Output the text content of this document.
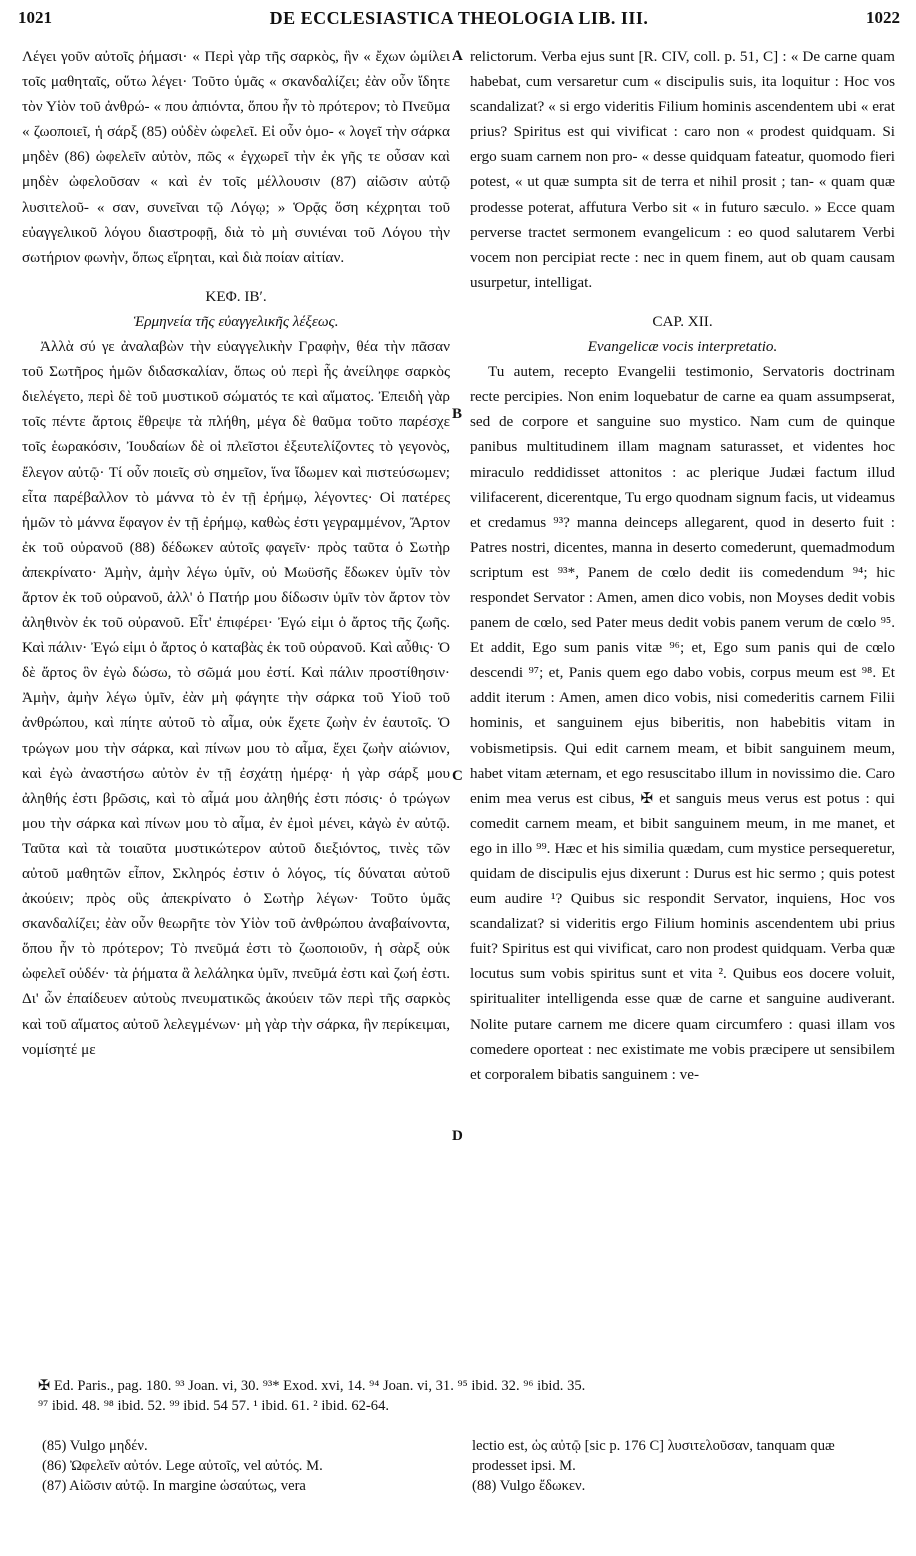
1021	DE ECCLESIASTICA THEOLOGIA LIB. III.	1022

Λέγει γοῦν αὐτοῖς ῥήμασι· « Περὶ γὰρ τῆς σαρκὸς, ἣν « ἔχων ὡμίλει τοῖς μαθηταῖς, οὕτω λέγει· Τοῦτο ὑμᾶς « σκανδαλίζει; ἐὰν οὖν ἴδητε τὸν Υἱὸν τοῦ ἀνθρώ- « που ἀπιόντα, ὅπου ἦν τὸ πρότερον; τὸ Πνεῦμα « ζωοποιεῖ, ἡ σάρξ (85) οὐδὲν ὠφελεῖ. Εἰ οὖν ὁμο- « λογεῖ τὴν σάρκα μηδὲν (86) ὠφελεῖν αὐτὸν, πῶς « ἐγχωρεῖ τὴν ἐκ γῆς τε οὖσαν καὶ μηδὲν ὠφελοῦσαν « καὶ ἐν τοῖς μέλλουσιν (87) αἰῶσιν αὐτῷ λυσιτελοῦ- « σαν, συνεῖναι τῷ Λόγῳ; » Ὁρᾷς ὅση κέχρηται τοῦ εὐαγγελικοῦ λόγου διαστροφῇ, διὰ τὸ μὴ συνιέναι τοῦ Λόγου τὴν σωτήριον φωνὴν, ὅπως εἴρηται, καὶ διὰ ποίαν αἰτίαν.

ΚΕΦ. ΙΒʹ.

Ἑρμηνεία τῆς εὐαγγελικῆς λέξεως.

Ἀλλὰ σύ γε ἀναλαβὼν τὴν εὐαγγελικὴν Γραφὴν, θέα τὴν πᾶσαν τοῦ Σωτῆρος ἡμῶν διδασκαλίαν, ὅπως οὐ περὶ ἧς ἀνείληφε σαρκὸς διελέγετο, περὶ δὲ τοῦ μυστικοῦ σώματός τε καὶ αἵματος. Ἐπειδὴ γὰρ τοῖς πέντε ἄρτοις ἔθρεψε τὰ πλήθη, μέγα δὲ θαῦμα τοῦτο παρέσχε τοῖς ἑωρακόσιν, Ἰουδαίων δὲ οἱ πλεῖστοι ἐξευτελίζοντες τὸ γεγονὸς, ἔλεγον αὐτῷ· Τί οὖν ποιεῖς σὺ σημεῖον, ἵνα ἴδωμεν καὶ πιστεύσωμεν; εἶτα παρέβαλλον τὸ μάννα τὸ ἐν τῇ ἐρήμῳ, λέγοντες· Οἱ πατέρες ἡμῶν τὸ μάννα ἔφαγον ἐν τῇ ἐρήμῳ, καθὼς ἐστι γεγραμμένον, Ἄρτον ἐκ τοῦ οὐρανοῦ (88) δέδωκεν αὐτοῖς φαγεῖν· πρὸς ταῦτα ὁ Σωτὴρ ἀπεκρίνατο· Ἀμὴν, ἀμὴν λέγω ὑμῖν, οὐ Μωϋσῆς ἔδωκεν ὑμῖν τὸν ἄρτον ἐκ τοῦ οὐρανοῦ, ἀλλ' ὁ Πατήρ μου δίδωσιν ὑμῖν τὸν ἄρτον τὸν ἀληθινὸν ἐκ τοῦ οὐρανοῦ. Εἶτ' ἐπιφέρει· Ἐγώ εἰμι ὁ ἄρτος τῆς ζωῆς. Καὶ πάλιν· Ἐγώ εἰμι ὁ ἄρτος ὁ καταβὰς ἐκ τοῦ οὐρανοῦ. Καὶ αὖθις· Ὁ δὲ ἄρτος ὃν ἐγὼ δώσω, τὸ σῶμά μου ἐστί. Καὶ πάλιν προστίθησιν· Ἀμὴν, ἀμὴν λέγω ὑμῖν, ἐὰν μὴ φάγητε τὴν σάρκα τοῦ Υἱοῦ τοῦ ἀνθρώπου, καὶ πίητε αὐτοῦ τὸ αἷμα, οὐκ ἔχετε ζωὴν ἐν ἑαυτοῖς. Ὁ τρώγων μου τὴν σάρκα, καὶ πίνων μου τὸ αἷμα, ἔχει ζωὴν αἰώνιον, καὶ ἐγὼ ἀναστήσω αὐτὸν ἐν τῇ ἐσχάτῃ ἡμέρᾳ· ἡ γὰρ σάρξ μου ἀληθής ἐστι βρῶσις, καὶ τὸ αἷμά μου ἀληθής ἐστι πόσις· ὁ τρώγων μου τὴν σάρκα καὶ πίνων μου τὸ αἷμα, ἐν ἐμοὶ μένει, κἀγὼ ἐν αὐτῷ. Ταῦτα καὶ τὰ τοιαῦτα μυστικώτερον αὐτοῦ διεξιόντος, τινὲς τῶν αὐτοῦ μαθητῶν εἶπον, Σκληρός ἐστιν ὁ λόγος, τίς δύναται αὐτοῦ ἀκούειν; πρὸς οὓς ἀπεκρίνατο ὁ Σωτὴρ λέγων· Τοῦτο ὑμᾶς σκανδαλίζει; ἐὰν οὖν θεωρῆτε τὸν Υἱὸν τοῦ ἀνθρώπου ἀναβαίνοντα, ὅπου ἦν τὸ πρότερον; Τὸ πνεῦμά ἐστι τὸ ζωοποιοῦν, ἡ σὰρξ οὐκ ὠφελεῖ οὐδέν· τὰ ῥήματα ἃ λελάληκα ὑμῖν, πνεῦμά ἐστι καὶ ζωή ἐστι. Δι' ὧν ἐπαίδευεν αὐτοὺς πνευματικῶς ἀκούειν τῶν περὶ τῆς σαρκὸς καὶ τοῦ αἵματος αὐτοῦ λελεγμένων· μὴ γὰρ τὴν σάρκα, ἣν περίκειμαι, νομίσητέ με

A
B
C
D

relictorum. Verba ejus sunt [R. CIV, coll. p. 51, C] : « De carne quam habebat, cum versaretur cum « discipulis suis, ita loquitur : Hoc vos scandalizat? « si ergo videritis Filium hominis ascendentem ubi « erat prius? Spiritus est qui vivificat : caro non « prodest quidquam. Si ergo suam carnem non pro- « desse quidquam fateatur, quomodo fieri potest, « ut quæ sumpta sit de terra et nihil prosit ; tan- « quam quæ prodesse poterat, affutura Verbo sit « in futuro sæculo. » Ecce quam perverse tractet sermonem evangelicum : eo quod salutarem Verbi vocem non percipiat recte : nec in quem finem, aut ob quam causam usurpetur, intelligat.

CAP. XII.

Evangelicæ vocis interpretatio.

Tu autem, recepto Evangelii testimonio, Servatoris doctrinam recte percipies. Non enim loquebatur de carne ea quam assumpserat, sed de corpore et sanguine suo mystico. Nam cum de quinque panibus multitudinem illam magnam saturasset, et videntes hoc miraculo reddidisset attonitos : ac plerique Judæi factum illud vilifacerent, dicerentque, Tu ergo quodnam signum facis, ut videamus et credamus ⁹³? manna deinceps allegarent, quod in deserto fuit : Patres nostri, dicentes, manna in deserto comederunt, quemadmodum scriptum est ⁹³*, Panem de cœlo dedit iis comedendum ⁹⁴; hic respondet Servator : Amen, amen dico vobis, non Moyses dedit vobis panem de cœlo, sed Pater meus dedit vobis panem verum de cœlo ⁹⁵. Et addit, Ego sum panis vitæ ⁹⁶; et, Ego sum panis qui de cœlo descendi ⁹⁷; et, Panis quem ego dabo vobis, corpus meum est ⁹⁸. Et addit iterum : Amen, amen dico vobis, nisi comederitis carnem Filii hominis, et sanguinem ejus biberitis, non habebitis vitam in vobismetipsis. Qui edit carnem meam, et bibit sanguinem meum, habet vitam æternam, et ego resuscitabo illum in novissimo die. Caro enim mea verus est cibus, ✠ et sanguis meus verus est potus : qui comedit carnem meam, et bibit sanguinem meum, in me manet, et ego in illo ⁹⁹. Hæc et his similia quædam, cum mystice persequeretur, quidam de discipulis ejus dixerunt : Durus est hic sermo ; quis potest eum audire ¹? Quibus sic respondit Servator, inquiens, Hoc vos scandalizat? si videritis ergo Filium hominis ascendentem ubi prius fuit? Spiritus est qui vivificat, caro non prodest quidquam. Verba quæ locutus sum vobis spiritus sunt et vita ². Quibus eos docere voluit, spiritualiter intelligenda esse quæ de carne et sanguine audiverant. Nolite putare carnem me dicere quam circumfero : quasi illam vos comedere oporteat : nec existimate me vobis præcipere ut sensibilem et corporalem bibatis sanguinem : ve-

✠ Ed. Paris., pag. 180. ⁹³ Joan. vi, 30. ⁹³* Exod. xvi, 14. ⁹⁴ Joan. vi, 31. ⁹⁵ ibid. 32. ⁹⁶ ibid. 35.
⁹⁷ ibid. 48. ⁹⁸ ibid. 52. ⁹⁹ ibid. 54 57. ¹ ibid. 61. ² ibid. 62-64.

(85) Vulgo μηδέν.

(86) Ὠφελεῖν αὐτόν. Lege αὐτοῖς, vel αὐτός. M.

(87) Αἰῶσιν αὐτῷ. In margine ὡσαύτως, vera

lectio est, ὡς αὐτῷ [sic p. 176 C] λυσιτελοῦσαν, tanquam quæ prodesset ipsi. M.

(88) Vulgo ἔδωκεν.
